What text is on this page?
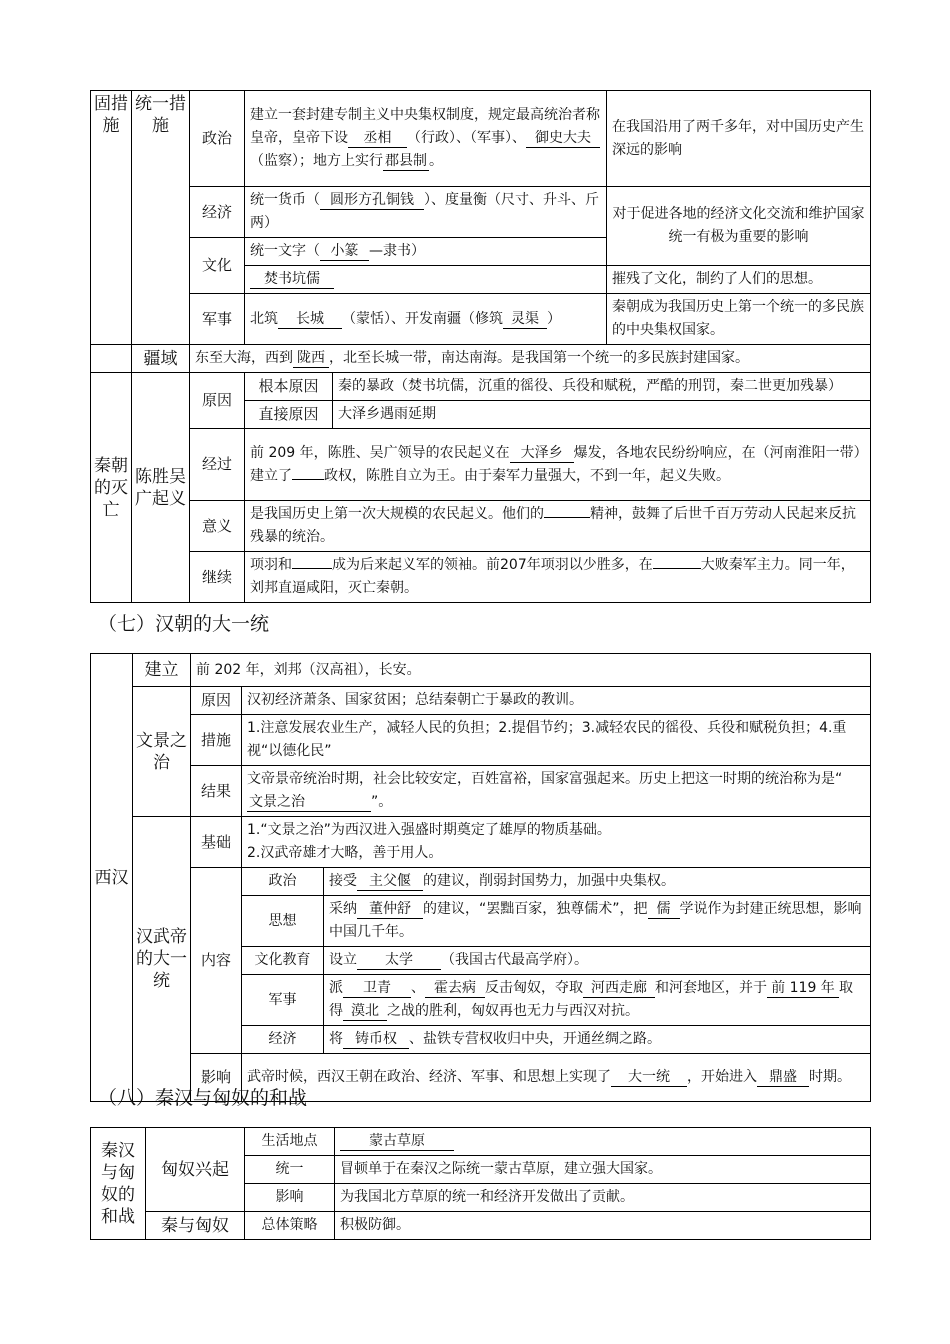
固措施	统一措施	政治	建立一套封建专制主义中央集权制度，规定最高统治者称皇帝，皇帝下设 丞相 （行政）、（军事）、 御史大夫（监察）；地方上实行 郡县制 。		在我国沿用了两千多年，对中国历史产生深远的影响
		经济	统一货币（ 圆形方孔铜钱 ）、度量衡（尺寸、升斗、斤两）		对于促进各地的经济文化交流和维护国家统一有极为重要的影响
		文化	统一文字（ 小篆 —隶书）		
			焚书坑儒		摧残了文化，制约了人们的思想。
		军事	北筑 长城 （蒙恬）、开发南疆（修筑 灵渠 ）		秦朝成为我国历史上第一个统一的多民族的中央集权国家。
	疆域	东至大海，西到 陇西 ，北至长城一带，南达南海。是我国第一个统一的多民族封建国家。			
秦朝的灭亡	陈胜吴广起义	原因	根本原因	秦的暴政（焚书坑儒，沉重的徭役、兵役和赋税，严酷的刑罚，秦二世更加残暴）	
			直接原因	大泽乡遇雨延期	
		经过	前 209 年，陈胜、吴广领导的农民起义在 大泽乡 爆发，各地农民纷纷响应，在（河南淮阳一带）建立了 政权，陈胜自立为王。由于秦军力量强大，不到一年，起义失败。		
		意义	是我国历史上第一次大规模的农民起义。他们的 精神，鼓舞了后世千百万劳动人民起来反抗残暴的统治。		
		继续	项羽和 成为后来起义军的领袖。前207年项羽以少胜多，在 大败秦军主力。同一年，刘邦直逼咸阳，灭亡秦朝。		
（七）汉朝的大一统
西汉	建立	前 202 年，刘邦（汉高祖），长安。		
	文景之治	原因	汉初经济萧条、国家贫困；总结秦朝亡于暴政的教训。	
		措施	1.注意发展农业生产，减轻人民的负担；2.提倡节约；3.减轻农民的徭役、兵役和赋税负担；4.重视“以德化民”	
		结果	文帝景帝统治时期，社会比较安定，百姓富裕，国家富强起来。历史上把这一时期的统治称为是“文景之治 ”。	
	汉武帝的大一统	基础	1.“文景之治”为西汉进入强盛时期奠定了雄厚的物质基础。
2.汉武帝雄才大略，善于用人。	

		内容	政治	接受 主父偃 的建议，削弱封国势力，加强中央集权。
			思想	采纳 董仲舒 的建议，“罢黜百家，独尊儒术”，把 儒 学说作为封建正统思想，影响中国几千年。
			文化教育	设立 太学 （我国古代最高学府）。
			军事	派 卫青 、 霍去病 反击匈奴，夺取 河西走廊 和河套地区，并于 前 119 年 取得 漠北 之战的胜利，匈奴再也无力与西汉对抗。
			经济	将 铸币权 、盐铁专营权收归中央，开通丝绸之路。
		影响	武帝时候，西汉王朝在政治、经济、军事、和思想上实现了 大一统 ，开始进入 鼎盛 时期。	
（八）秦汉与匈奴的和战
秦汉与匈奴的和战	匈奴兴起	生活地点	蒙古草原
		统一	冒顿单于在秦汉之际统一蒙古草原，建立强大国家。
		影响	为我国北方草原的统一和经济开发做出了贡献。
	秦与匈奴	总体策略	积极防御。
